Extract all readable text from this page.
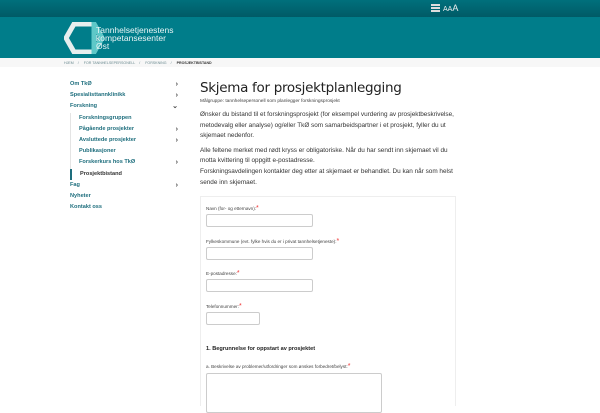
AAA
Tannhelsetjenestens
kompetansesenter
Øst
HJEM / FOR TANNHELSEPERSONELL / FORSKNING / PROSJEKTBISTAND
Om TkØ	›
Spesialisttannklinikk	›
Forskning	⌄
Forskningsgruppen
Pågående prosjekter	›
Avsluttede prosjekter	›
Publikasjoner
Forskerkurs hos TkØ	›
Prosjektbistand
Fag	›
Nyheter
Kontakt oss
Skjema for prosjektplanlegging
Målgruppe: tannhelsepersonell som planlegger forskningsprosjekt

Ønsker du bistand til et forskningsprosjekt (for eksempel vurdering av prosjektbeskrivelse, metodevalg eller analyse) og/eller TkØ som samarbeidspartner i et prosjekt, fyller du ut skjemaet nedenfor.

Alle feltene merket med rødt kryss er obligatoriske. Når du har sendt inn skjemaet vil du motta kvittering til oppgitt e-postadresse.

Forskningsavdelingen kontakter deg etter at skjemaet er behandlet. Du kan når som helst sende inn skjemaet.

Navn (for- og etternavn):*
Fylkeskommune (evt. fylke hvis du er i privat tannhelsetjeneste):*
E-postadresse:*
Telefonnummer:*
1. Begrunnelse for oppstart av prosjektet
a. Beskrivelse av problemer/utfordringer som ønskes forbedret/belyst:*
